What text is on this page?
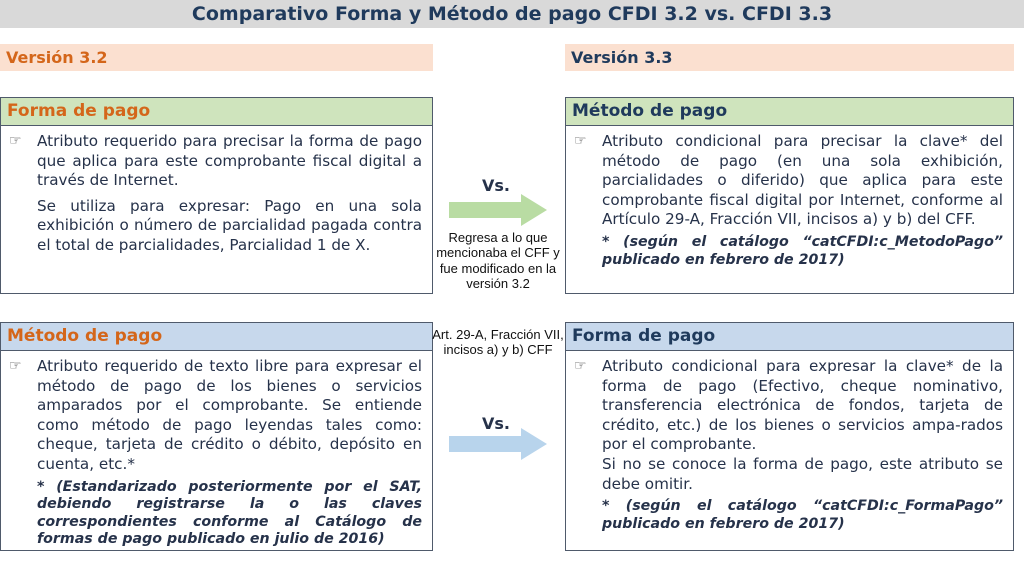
Comparativo Forma y Método de pago CFDI 3.2 vs. CFDI 3.3
Versión 3.2	Versión 3.3
Forma de pago
☞	Atributo requerido para precisar la forma de pago que aplica para este comprobante fiscal digital a través de Internet.
Se utiliza para expresar: Pago en una sola exhibición o número de parcialidad pagada contra el total de parcialidades, Parcialidad 1 de X.
Método de pago
☞	Atributo condicional para precisar la clave* del método de pago (en una sola exhibición, parcialidades o diferido) que aplica para este comprobante fiscal digital por Internet, conforme al Artículo 29-A, Fracción VII, incisos a) y b) del CFF.
* (según el catálogo “catCFDI:c_MetodoPago” publicado en febrero de 2017)
Método de pago
☞	Atributo requerido de texto libre para expresar el método de pago de los bienes o servicios amparados por el comprobante. Se entiende como método de pago leyendas tales como: cheque, tarjeta de crédito o débito, depósito en cuenta, etc.*
* (Estandarizado posteriormente por el SAT, debiendo registrarse la o las claves correspondientes conforme al Catálogo de formas de pago publicado en julio de 2016)
Forma de pago
☞	Atributo condicional para expresar la clave* de la forma de pago (Efectivo, cheque nominativo, transferencia electrónica de fondos, tarjeta de crédito, etc.) de los bienes o servicios ampa-rados por el comprobante.
Si no se conoce la forma de pago, este atributo se debe omitir.
* (según el catálogo “catCFDI:c_FormaPago” publicado en febrero de 2017)
Vs.
Vs.
Regresa a lo que mencionaba el CFF y fue modificado en la versión 3.2
Art. 29-A, Fracción VII, incisos a) y b) CFF
